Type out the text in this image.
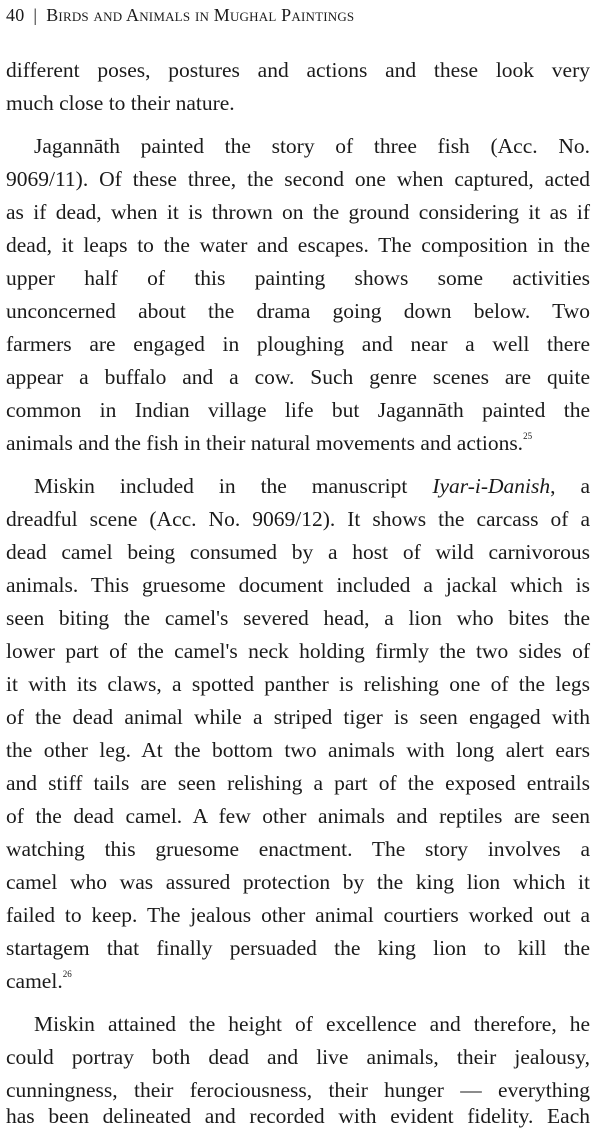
40 | Birds and Animals in Mughal Paintings
different poses, postures and actions and these look very
much close to their nature.
Jagannāth painted the story of three fish (Acc. No.
9069/11). Of these three, the second one when captured, acted
as if dead, when it is thrown on the ground considering it as if
dead, it leaps to the water and escapes. The composition in the
upper half of this painting shows some activities
unconcerned about the drama going down below. Two
farmers are engaged in ploughing and near a well there
appear a buffalo and a cow. Such genre scenes are quite
common in Indian village life but Jagannāth painted the
animals and the fish in their natural movements and actions.$^{25}$
Miskin included in the manuscript Iyar-i-Danish, a
dreadful scene (Acc. No. 9069/12). It shows the carcass of a
dead camel being consumed by a host of wild carnivorous
animals. This gruesome document included a jackal which is
seen biting the camel's severed head, a lion who bites the
lower part of the camel's neck holding firmly the two sides of
it with its claws, a spotted panther is relishing one of the legs
of the dead animal while a striped tiger is seen engaged with
the other leg. At the bottom two animals with long alert ears
and stiff tails are seen relishing a part of the exposed entrails
of the dead camel. A few other animals and reptiles are seen
watching this gruesome enactment. The story involves a
camel who was assured protection by the king lion which it
failed to keep. The jealous other animal courtiers worked out a
startagem that finally persuaded the king lion to kill the
camel.$^{26}$
Miskin attained the height of excellence and therefore, he
could portray both dead and live animals, their jealousy,
cunningness, their ferociousness, their hunger — everything
has been delineated and recorded with evident fidelity. Each
